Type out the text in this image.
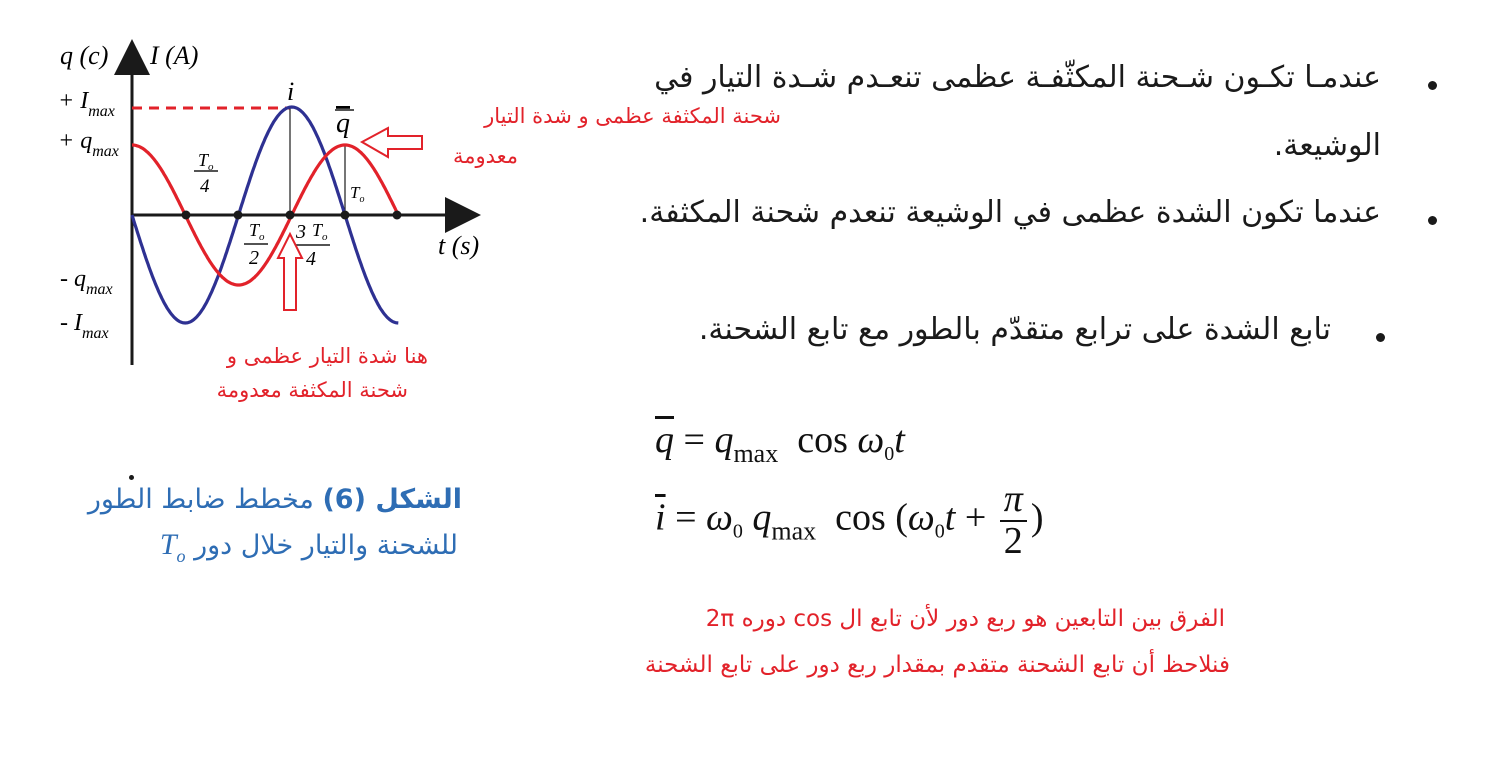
q (c) I (A)
t (s)
+ $I_{max}$
+ $q_{max}$
- $q_{max}$
- $I_{max}$
i
q
$T_o$
4	$T_o$
$T_o$
2
3 $T_o$
4
شحنة المكثفة عظمى و شدة التيار
معدومة
هنا شدة التيار عظمى و
شحنة المكثفة معدومة
الشكل (6) مخطط ضابط الطور
للشحنة والتيار خلال دور $T_o$
عندمـا تكـون شـحنة المكثّفـة عظمى تنعـدم شـدة التيار في
الوشيعة.
عندما تكون الشدة عظمى في الوشيعة تنعدم شحنة المكثفة.
تابع الشدة على ترابع متقدّم بالطور مع تابع الشحنة.
$\overline{q} = q_{max}$ $\cos \omega_0t$
$\overline{i} = \omega_0$ $q_{max}$ $\cos (\omega_0t + \frac{\pi}{2}$ )
الفرق بين التابعين هو ربع دور لأن تابع ال cos دوره 2π
فنلاحظ أن تابع الشحنة متقدم بمقدار ربع دور على تابع الشحنة
